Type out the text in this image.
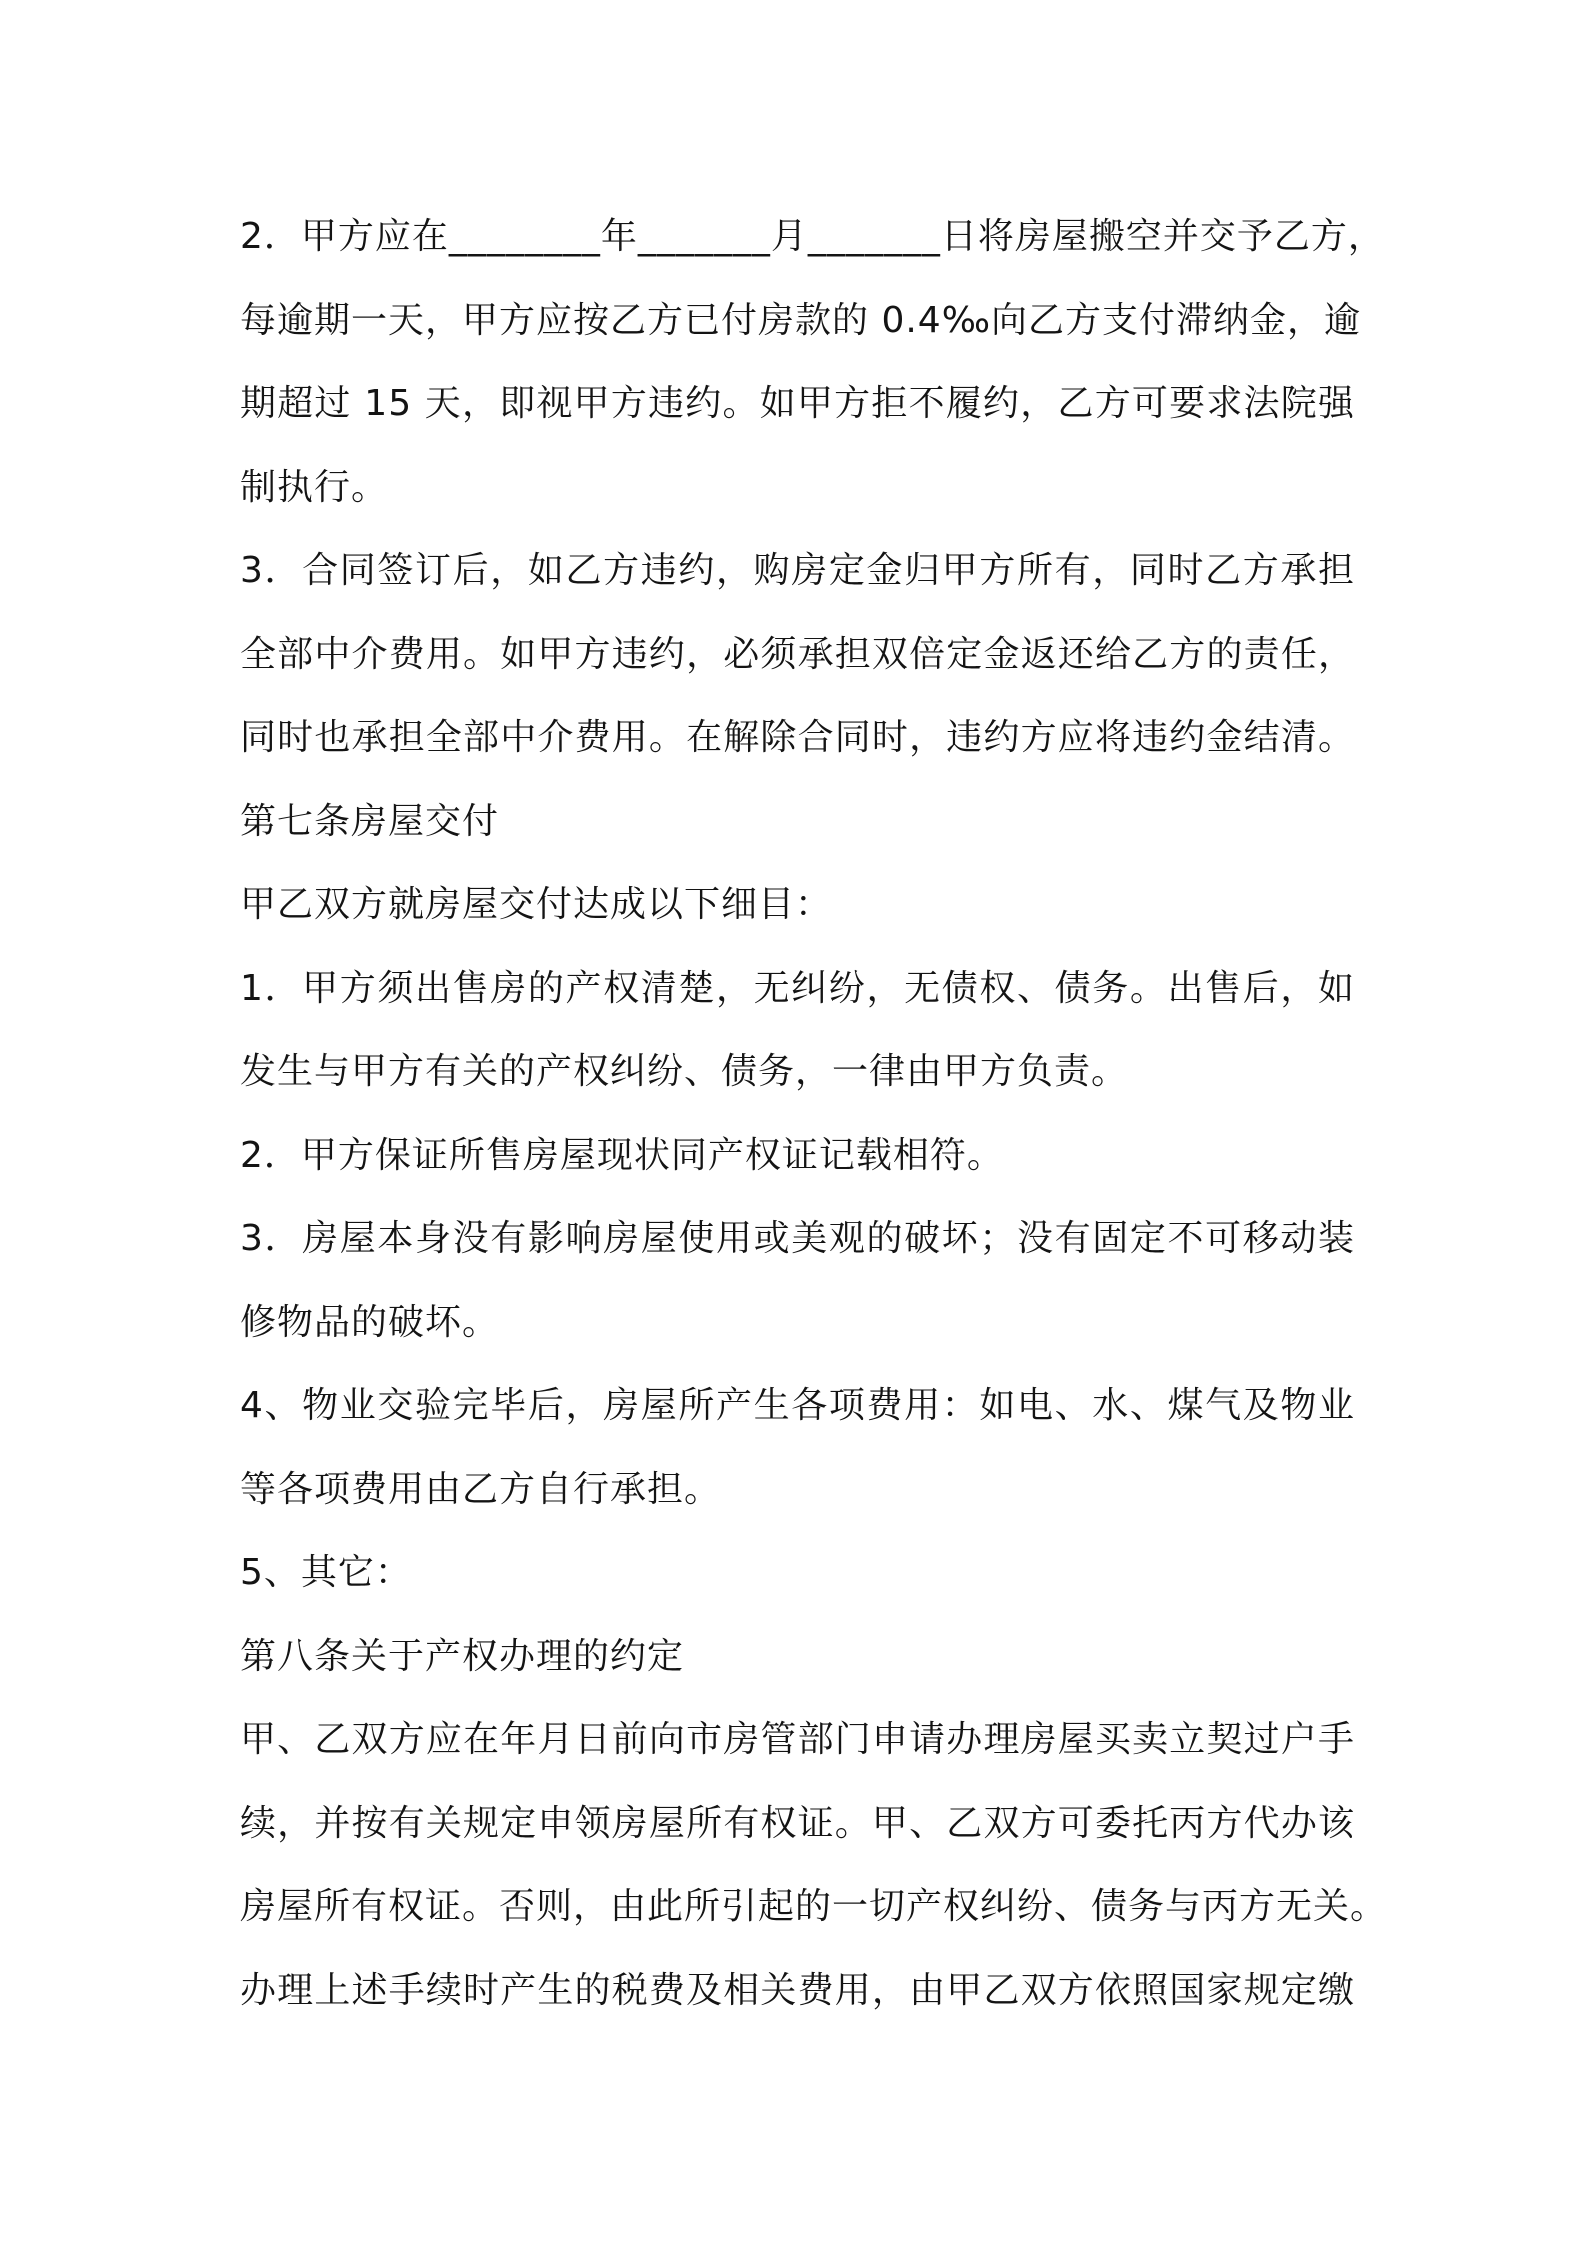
2．甲方应在________年_______月_______日将房屋搬空并交予乙方，
每逾期一天，甲方应按乙方已付房款的 0.4‰向乙方支付滞纳金，逾
期超过 15 天，即视甲方违约。如甲方拒不履约，乙方可要求法院强
制执行。
3．合同签订后，如乙方违约，购房定金归甲方所有，同时乙方承担
全部中介费用。如甲方违约，必须承担双倍定金返还给乙方的责任，
同时也承担全部中介费用。在解除合同时，违约方应将违约金结清。
第七条房屋交付
甲乙双方就房屋交付达成以下细目：
1．甲方须出售房的产权清楚，无纠纷，无债权、债务。出售后，如
发生与甲方有关的产权纠纷、债务，一律由甲方负责。
2．甲方保证所售房屋现状同产权证记载相符。
3．房屋本身没有影响房屋使用或美观的破坏；没有固定不可移动装
修物品的破坏。
4、物业交验完毕后，房屋所产生各项费用：如电、水、煤气及物业
等各项费用由乙方自行承担。
5、其它：
第八条关于产权办理的约定
甲、乙双方应在年月日前向市房管部门申请办理房屋买卖立契过户手
续，并按有关规定申领房屋所有权证。甲、乙双方可委托丙方代办该
房屋所有权证。否则，由此所引起的一切产权纠纷、债务与丙方无关。
办理上述手续时产生的税费及相关费用，由甲乙双方依照国家规定缴
